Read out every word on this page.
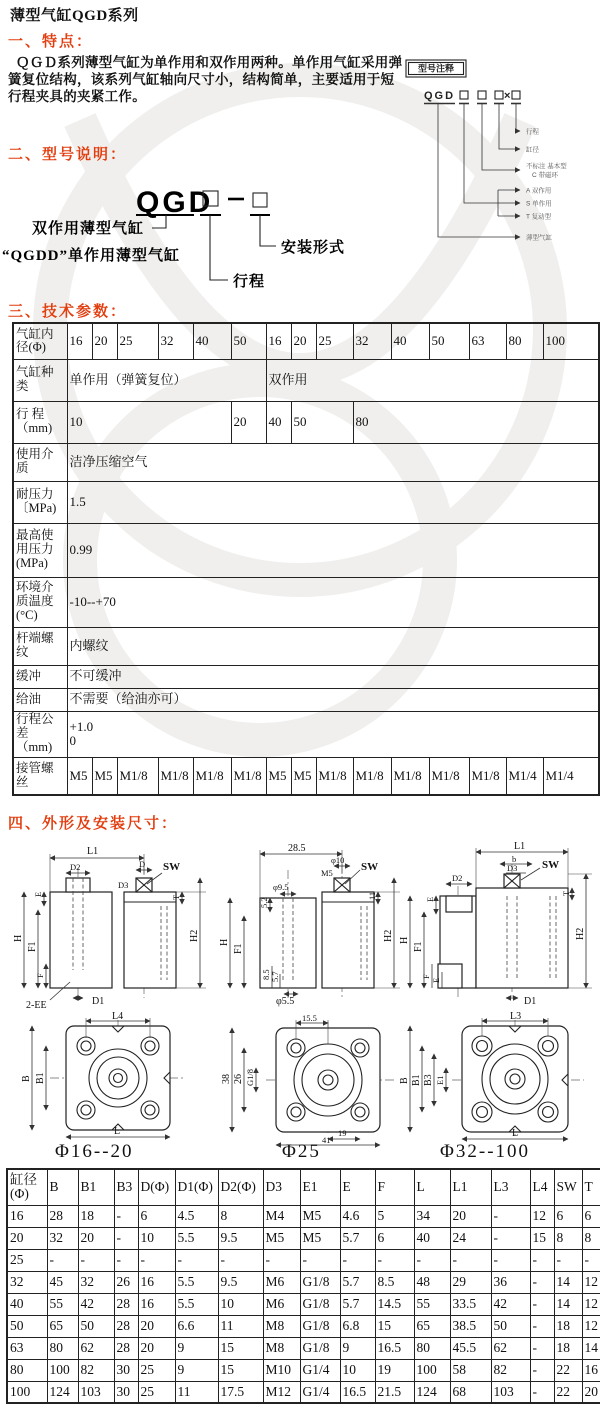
薄型气缸QGD系列
一、特点：
ＱＧＤ系列薄型气缸为单作用和双作用两种。单作用气缸采用弹簧复位结构，该系列气缸轴向尺寸小，结构简单，主要适用于短行程夹具的夹紧工作。
二、型号说明：
三、技术参数：
四、外形及安装尺寸：
型号注释
QGD	×
行程
缸径
不标注 基本型
C 带磁环
A 双作用
S 单作用
T 复动型
薄型气缸
QGD
双作用薄型气缸
“QGDD”单作用薄型气缸	安装形式
行程
气缸内
径(Φ)	16	20	25	32	40	50	16	20	25	32	40	50	63	80	100
气缸种
类	单作用（弹簧复位）						双作用								
行 程
（mm)	10					20	40	50		80					
使用介
质	洁净压缩空气														
耐压力
〔MPa)	1.5														
最高使
用压力
(MPa)	0.99														
环境介
质温度
(°C)	-10--+70														
杆端螺
纹	内螺纹														
缓冲	不可缓冲														
给油	不需要（给油亦可）														
行程公
差
（mm)	+1.0
0														
接管螺
丝	M5	M5	M1/8	M1/8	M1/8	M1/8	M5	M5	M1/8	M1/8	M1/8	M1/8	M1/8	M1/4	M1/4
L1
D
D3
D2	SW
E
H
F1
F
T
H2
2-EE	D1
28.5
φ10
M5	SW
φ9.5
5.2
H
F1
H2
11
8.5 5.7
φ5.5
L1
b
D3 SW
D2
E
H
F1
F
E
T
H2
D1
L4
B B1
L
15.5
38 26 G1/8
19
41
L3
B B1 B3 E1
L
Φ16--20	Φ25	Φ32--100
缸径
(Φ)	B	B1	B3	D(Φ)	D1(Φ)	D2(Φ)	D3	E1	E	F	L	L1	L3	L4	SW	T
16	28	18	-	6	4.5	8	M4	M5	4.6	5	34	20	-	12	6	6
20	32	20	-	10	5.5	9.5	M5	M5	5.7	6	40	24	-	15	8	8
25	-	-	-	-	-	-	-	-	-	-	-	-	-	-	-	-
32	45	32	26	16	5.5	9.5	M6	G1/8	5.7	8.5	48	29	36	-	14	12
40	55	42	28	16	5.5	10	M6	G1/8	5.7	14.5	55	33.5	42	-	14	12
50	65	50	28	20	6.6	11	M8	G1/8	6.8	15	65	38.5	50	-	18	12
63	80	62	28	20	9	15	M8	G1/8	9	16.5	80	45.5	62	-	18	14
80	100	82	30	25	9	15	M10	G1/4	10	19	100	58	82	-	22	16
100	124	103	30	25	11	17.5	M12	G1/4	16.5	21.5	124	68	103	-	22	20
